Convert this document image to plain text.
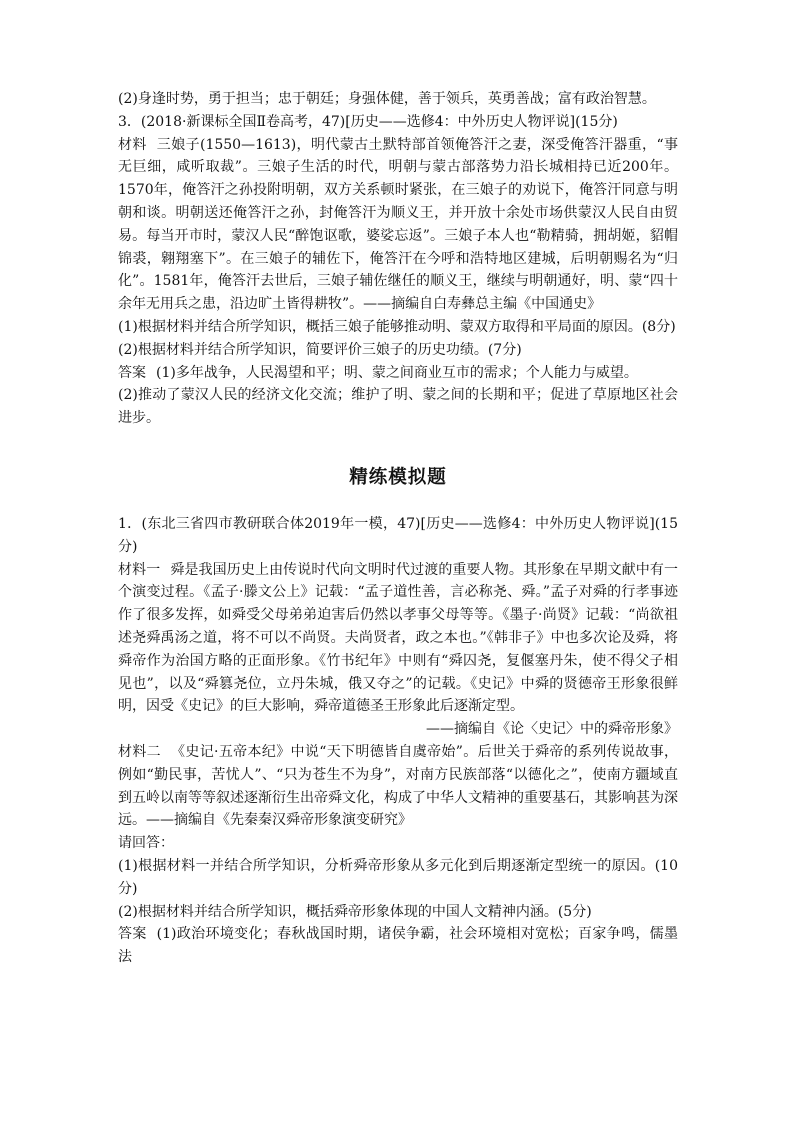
(2)身逢时势，勇于担当；忠于朝廷；身强体健，善于领兵，英勇善战；富有政治智慧。

3．(2018·新课标全国Ⅱ卷高考，47)[历史——选修4：中外历史人物评说](15分)

材料 三娘子(1550—1613)，明代蒙古土默特部首领俺答汗之妻，深受俺答汗器重，“事无巨细，咸听取裁”。三娘子生活的时代，明朝与蒙古部落势力沿长城相持已近200年。1570年，俺答汗之孙投附明朝，双方关系顿时紧张，在三娘子的劝说下，俺答汗同意与明朝和谈。明朝送还俺答汗之孙，封俺答汗为顺义王，并开放十余处市场供蒙汉人民自由贸易。每当开市时，蒙汉人民“醉饱讴歌，婆娑忘返”。三娘子本人也“勒精骑，拥胡姬，貂帽锦裘，翱翔塞下”。在三娘子的辅佐下，俺答汗在今呼和浩特地区建城，后明朝赐名为“归化”。1581年，俺答汗去世后，三娘子辅佐继任的顺义王，继续与明朝通好，明、蒙“四十余年无用兵之患，沿边旷土皆得耕牧”。——摘编自白寿彝总主编《中国通史》

(1)根据材料并结合所学知识，概括三娘子能够推动明、蒙双方取得和平局面的原因。(8分)

(2)根据材料并结合所学知识，简要评价三娘子的历史功绩。(7分)

答案 (1)多年战争，人民渴望和平；明、蒙之间商业互市的需求；个人能力与威望。

(2)推动了蒙汉人民的经济文化交流；维护了明、蒙之间的长期和平；促进了草原地区社会进步。

精练模拟题

1．(东北三省四市教研联合体2019年一模，47)[历史——选修4：中外历史人物评说](15分)

材料一 舜是我国历史上由传说时代向文明时代过渡的重要人物。其形象在早期文献中有一个演变过程。《孟子·滕文公上》记载：“孟子道性善，言必称尧、舜。”孟子对舜的行孝事迹作了很多发挥，如舜受父母弟弟迫害后仍然以孝事父母等等。《墨子·尚贤》记载：“尚欲祖述尧舜禹汤之道，将不可以不尚贤。夫尚贤者，政之本也。”《韩非子》中也多次论及舜，将舜帝作为治国方略的正面形象。《竹书纪年》中则有“舜囚尧，复偃塞丹朱，使不得父子相见也”，以及“舜篡尧位，立丹朱城，俄又夺之”的记载。《史记》中舜的贤德帝王形象很鲜明，因受《史记》的巨大影响，舜帝道德圣王形象此后逐渐定型。

——摘编自《论〈史记〉中的舜帝形象》

材料二 《史记·五帝本纪》中说“天下明德皆自虞帝始”。后世关于舜帝的系列传说故事，例如“勤民事，苦忧人”、“只为苍生不为身”，对南方民族部落“以德化之”，使南方疆域直到五岭以南等等叙述逐渐衍生出帝舜文化，构成了中华人文精神的重要基石，其影响甚为深远。——摘编自《先秦秦汉舜帝形象演变研究》

请回答：

(1)根据材料一并结合所学知识，分析舜帝形象从多元化到后期逐渐定型统一的原因。(10分)

(2)根据材料并结合所学知识，概括舜帝形象体现的中国人文精神内涵。(5分)

答案 (1)政治环境变化；春秋战国时期，诸侯争霸，社会环境相对宽松；百家争鸣，儒墨法
